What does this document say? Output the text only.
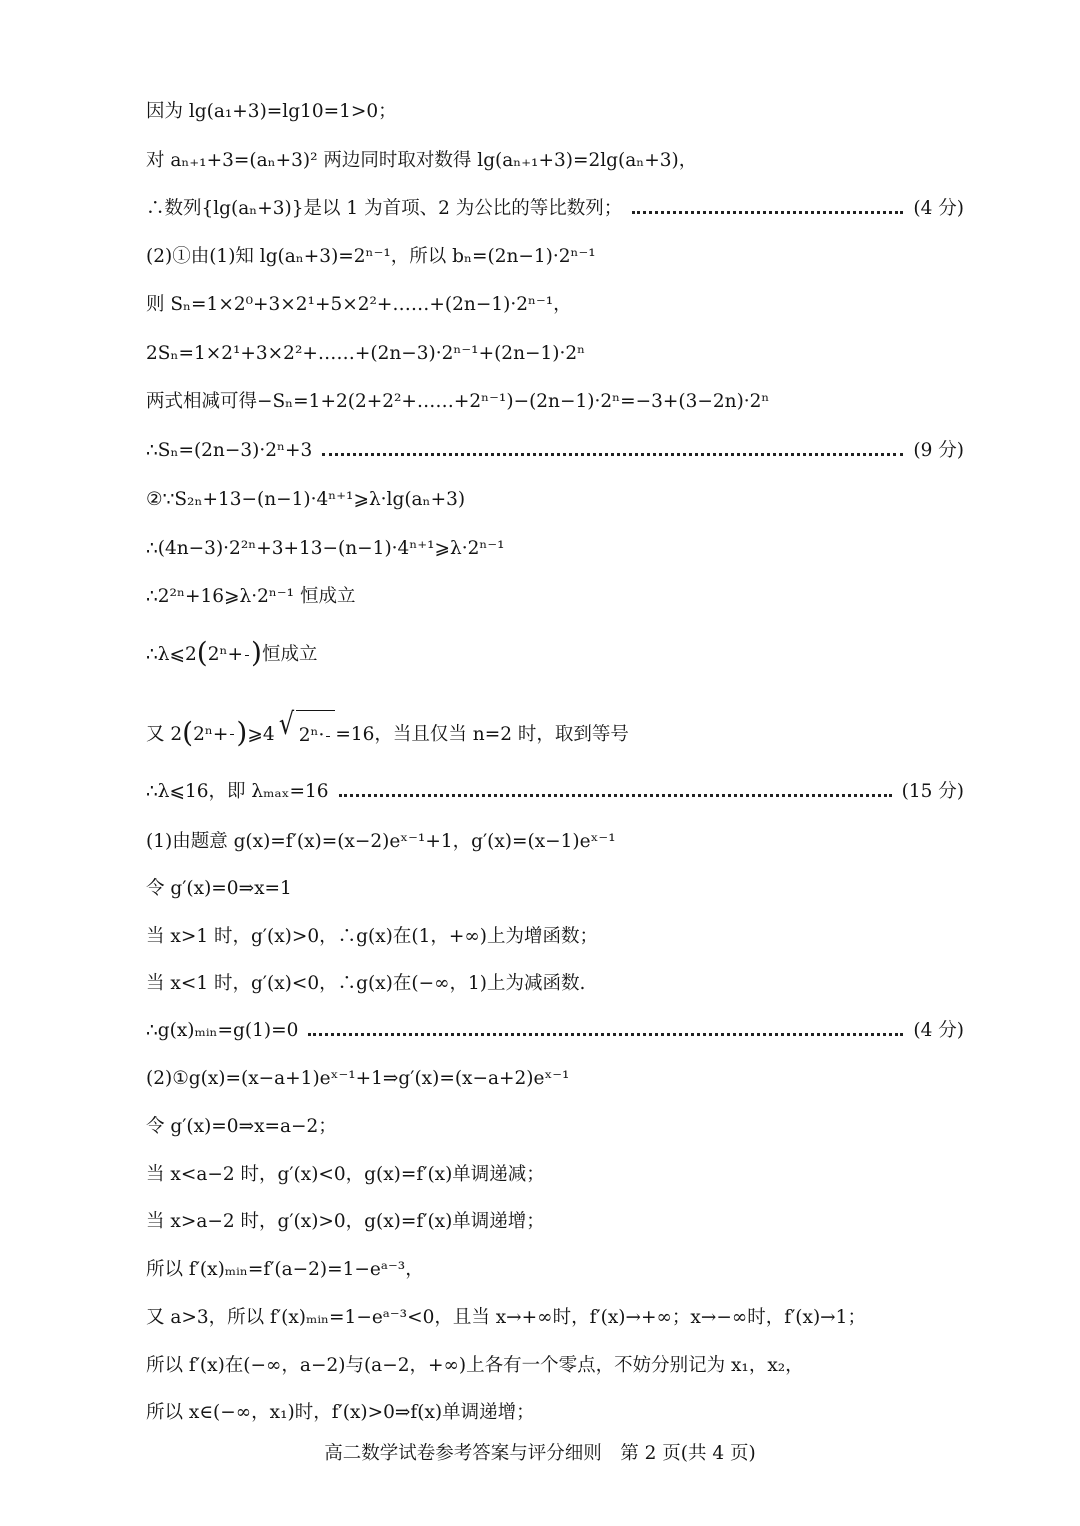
因为 lg(a₁+3)=lg10=1>0；
对 aₙ₊₁+3=(aₙ+3)² 两边同时取对数得 lg(aₙ₊₁+3)=2lg(aₙ+3)，
∴数列{lg(aₙ+3)}是以 1 为首项、2 为公比的等比数列；	(4 分)
(2)①由(1)知 lg(aₙ+3)=2ⁿ⁻¹，所以 bₙ=(2n−1)·2ⁿ⁻¹
则 Sₙ=1×2⁰+3×2¹+5×2²+……+(2n−1)·2ⁿ⁻¹，
2Sₙ=1×2¹+3×2²+……+(2n−3)·2ⁿ⁻¹+(2n−1)·2ⁿ
两式相减可得−Sₙ=1+2(2+2²+……+2ⁿ⁻¹)−(2n−1)·2ⁿ=−3+(3−2n)·2ⁿ
∴Sₙ=(2n−3)·2ⁿ+3	(9 分)
②∵S₂ₙ+13−(n−1)·4ⁿ⁺¹⩾λ·lg(aₙ+3)
∴(4n−3)·2²ⁿ+3+13−(n−1)·4ⁿ⁺¹⩾λ·2ⁿ⁻¹
∴2²ⁿ+16⩾λ·2ⁿ⁻¹ 恒成立
∴λ⩽2 ( 2ⁿ+ ) 恒成立
又 2 ( 2ⁿ+ ) ⩾4 √ 2ⁿ· =16，当且仅当 n=2 时，取到等号
∴λ⩽16，即 λₘₐₓ=16	(15 分)
(1)由题意 g(x)=f′(x)=(x−2)eˣ⁻¹+1，g′(x)=(x−1)eˣ⁻¹
令 g′(x)=0⇒x=1
当 x>1 时，g′(x)>0，∴g(x)在(1，+∞)上为增函数；
当 x<1 时，g′(x)<0，∴g(x)在(−∞，1)上为减函数.
∴g(x)ₘᵢₙ=g(1)=0	(4 分)
(2)①g(x)=(x−a+1)eˣ⁻¹+1⇒g′(x)=(x−a+2)eˣ⁻¹
令 g′(x)=0⇒x=a−2；
当 x<a−2 时，g′(x)<0，g(x)=f′(x)单调递减；
当 x>a−2 时，g′(x)>0，g(x)=f′(x)单调递增；
所以 f′(x)ₘᵢₙ=f′(a−2)=1−eᵃ⁻³，
又 a>3，所以 f′(x)ₘᵢₙ=1−eᵃ⁻³<0，且当 x→+∞时，f′(x)→+∞；x→−∞时，f′(x)→1；
所以 f′(x)在(−∞，a−2)与(a−2，+∞)上各有一个零点，不妨分别记为 x₁，x₂，
所以 x∈(−∞，x₁)时，f′(x)>0⇒f(x)单调递增；
高二数学试卷参考答案与评分细则　第 2 页(共 4 页)
